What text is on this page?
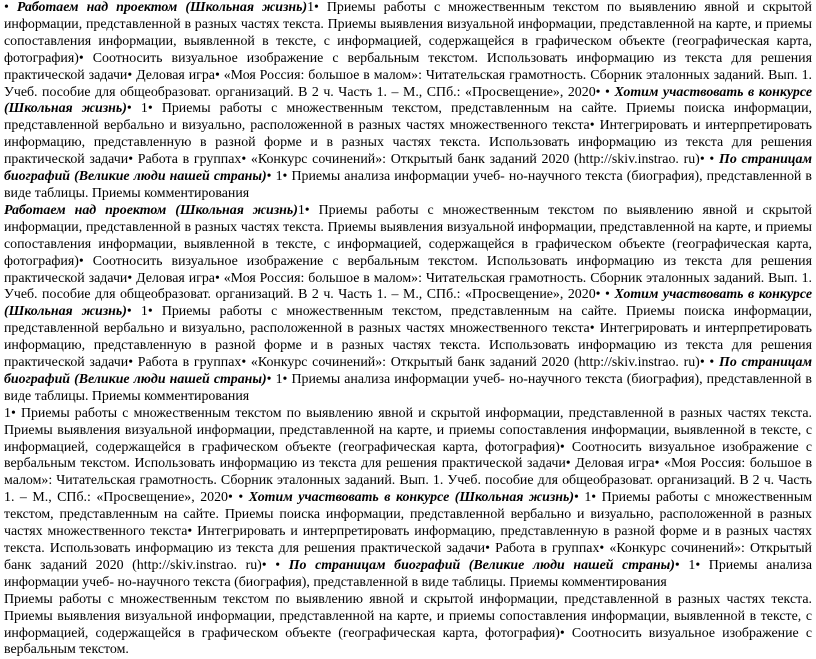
• Работаем над проектом (Школьная жизнь)1• Приемы работы с множественным текстом по выявлению явной и скрытой информации, представленной в разных частях текста. Приемы выявления визуальной информации, представленной на карте, и приемы сопоставления информации, выявленной в тексте, с информацией, содержащейся в графическом объекте (географическая карта, фотография)• Соотносить визуальное изображение с вербальным текстом. Использовать информацию из текста для решения практической задачи• Деловая игра• «Моя Россия: большое в малом»: Читательская грамотность. Сборник эталонных заданий. Вып. 1. Учеб. пособие для общеобразоват. организаций. В 2 ч. Часть 1. – М., СПб.: «Просвещение», 2020• • Хотим участвовать в конкурсе (Школьная жизнь)• 1• Приемы работы с множественным текстом, представленным на сайте. Приемы поиска информации, представленной вербально и визуально, расположенной в разных частях множественного текста• Интегрировать и интерпретировать информацию, представленную в разной форме и в разных частях текста. Использовать информацию из текста для решения практической задачи• Работа в группах• «Конкурс сочинений»: Открытый банк заданий 2020 (http://skiv.instrao. ru)• • По страницам биографий (Великие люди нашей страны)• 1• Приемы анализа информации учеб- но-научного текста (биография), представленной в виде таблицы. Приемы комментирования

Работаем над проектом (Школьная жизнь)1• Приемы работы с множественным текстом по выявлению явной и скрытой информации, представленной в разных частях текста. Приемы выявления визуальной информации, представленной на карте, и приемы сопоставления информации, выявленной в тексте, с информацией, содержащейся в графическом объекте (географическая карта, фотография)• Соотносить визуальное изображение с вербальным текстом. Использовать информацию из текста для решения практической задачи• Деловая игра• «Моя Россия: большое в малом»: Читательская грамотность. Сборник эталонных заданий. Вып. 1. Учеб. пособие для общеобразоват. организаций. В 2 ч. Часть 1. – М., СПб.: «Просвещение», 2020• • Хотим участвовать в конкурсе (Школьная жизнь)• 1• Приемы работы с множественным текстом, представленным на сайте. Приемы поиска информации, представленной вербально и визуально, расположенной в разных частях множественного текста• Интегрировать и интерпретировать информацию, представленную в разной форме и в разных частях текста. Использовать информацию из текста для решения практической задачи• Работа в группах• «Конкурс сочинений»: Открытый банк заданий 2020 (http://skiv.instrao. ru)• • По страницам биографий (Великие люди нашей страны)• 1• Приемы анализа информации учеб- но-научного текста (биография), представленной в виде таблицы. Приемы комментирования

1• Приемы работы с множественным текстом по выявлению явной и скрытой информации, представленной в разных частях текста. Приемы выявления визуальной информации, представленной на карте, и приемы сопоставления информации, выявленной в тексте, с информацией, содержащейся в графическом объекте (географическая карта, фотография)• Соотносить визуальное изображение с вербальным текстом. Использовать информацию из текста для решения практической задачи• Деловая игра• «Моя Россия: большое в малом»: Читательская грамотность. Сборник эталонных заданий. Вып. 1. Учеб. пособие для общеобразоват. организаций. В 2 ч. Часть 1. – М., СПб.: «Просвещение», 2020• • Хотим участвовать в конкурсе (Школьная жизнь)• 1• Приемы работы с множественным текстом, представленным на сайте. Приемы поиска информации, представленной вербально и визуально, расположенной в разных частях множественного текста• Интегрировать и интерпретировать информацию, представленную в разной форме и в разных частях текста. Использовать информацию из текста для решения практической задачи• Работа в группах• «Конкурс сочинений»: Открытый банк заданий 2020 (http://skiv.instrao. ru)• • По страницам биографий (Великие люди нашей страны)• 1• Приемы анализа информации учеб- но-научного текста (биография), представленной в виде таблицы. Приемы комментирования

Приемы работы с множественным текстом по выявлению явной и скрытой информации, представленной в разных частях текста. Приемы выявления визуальной информации, представленной на карте, и приемы сопоставления информации, выявленной в тексте, с информацией, содержащейся в графическом объекте (географическая карта, фотография)• Соотносить визуальное изображение с вербальным текстом.
